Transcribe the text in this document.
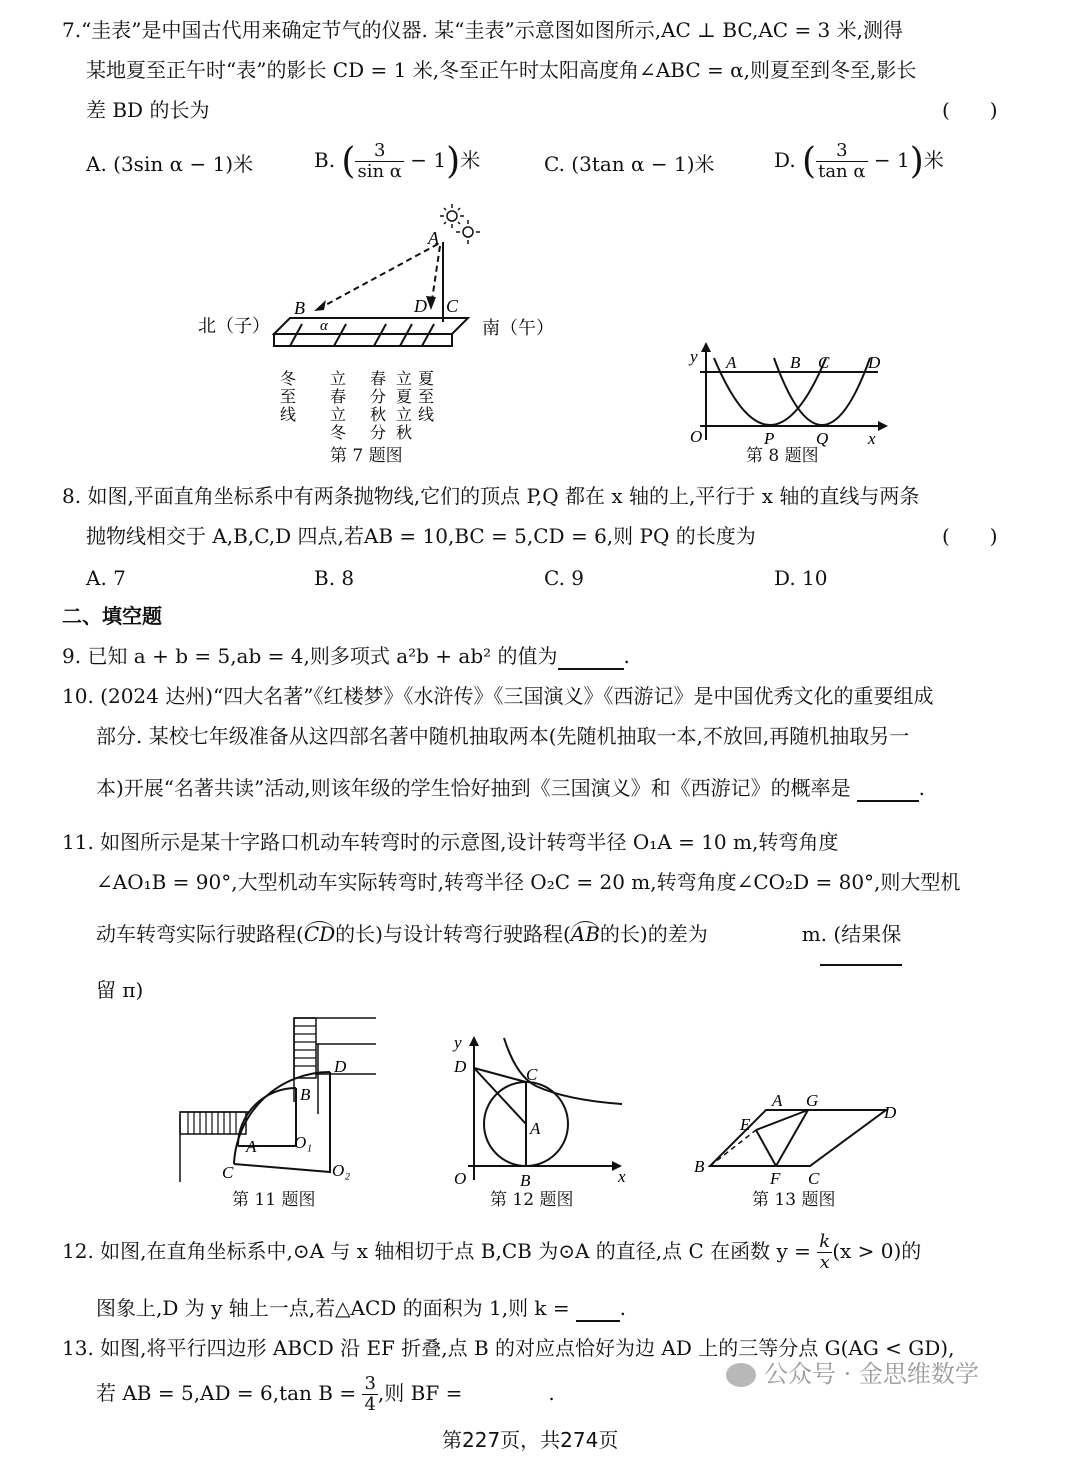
7.“圭表”是中国古代用来确定节气的仪器. 某“圭表”示意图如图所示,AC ⊥ BC,AC = 3 米,测得
某地夏至正午时“表”的影长 CD = 1 米,冬至正午时太阳高度角∠ABC = α,则夏至到冬至,影长
差 BD 的长为	(　　)
A. (3sin α − 1)米	B. ( $\frac{3}{\text{sin α}} - 1$)米	C. (3tan α − 1)米	D. ( $\frac{3}{\text{tan α}} - 1$)米
A
B	C
D
α
北（子）	南（午）
冬至线 立春立冬 春分秋分 立夏立秋 夏至线
第 7 题图
y A	B C D
O	P Q x
第 8 题图
8. 如图,平面直角坐标系中有两条抛物线,它们的顶点 P,Q 都在 x 轴的上,平行于 x 轴的直线与两条
抛物线相交于 A,B,C,D 四点,若AB = 10,BC = 5,CD = 6,则 PQ 的长度为	(　　)
A. 7	B. 8	C. 9	D. 10
二、填空题
9. 已知 a + b = 5,ab = 4,则多项式 a²b + ab² 的值为	.
10. (2024 达州)“四大名著”《红楼梦》《水浒传》《三国演义》《西游记》是中国优秀文化的重要组成
部分. 某校七年级准备从这四部名著中随机抽取两本(先随机抽取一本,不放回,再随机抽取另一
本)开展“名著共读”活动,则该年级的学生恰好抽到《三国演义》和《西游记》的概率是	.
11. 如图所示是某十字路口机动车转弯时的示意图,设计转弯半径 O₁A = 10 m,转弯角度
∠AO₁B = 90°,大型机动车实际转弯时,转弯半径 O₂C = 20 m,转弯角度∠CO₂D = 80°,则大型机
动车转弯实际行驶路程(CD的长)与设计转弯行驶路程(AB的长)的差为	m. (结果保
留 π)
D
B
A O₁
C	O₂
第 11 题图
y
D	C
A
O	B	x
第 12 题图
A G
D
E
B
F C
第 13 题图
12. 如图,在直角坐标系中,⊙A 与 x 轴相切于点 B,CB 为⊙A 的直径,点 C 在函数 $y = \frac{k}{x} (x > 0)$的
图象上,D 为 y 轴上一点,若△ACD 的面积为 1,则 k =	.
13. 如图,将平行四边形 ABCD 沿 EF 折叠,点 B 的对应点恰好为边 AD 上的三等分点 G(AG < GD),
若 AB = 5,AD = 6,tan $B = \frac{3}{4}$ ,则 BF =	.
公众号 · 金思维数学
第227页，共274页
